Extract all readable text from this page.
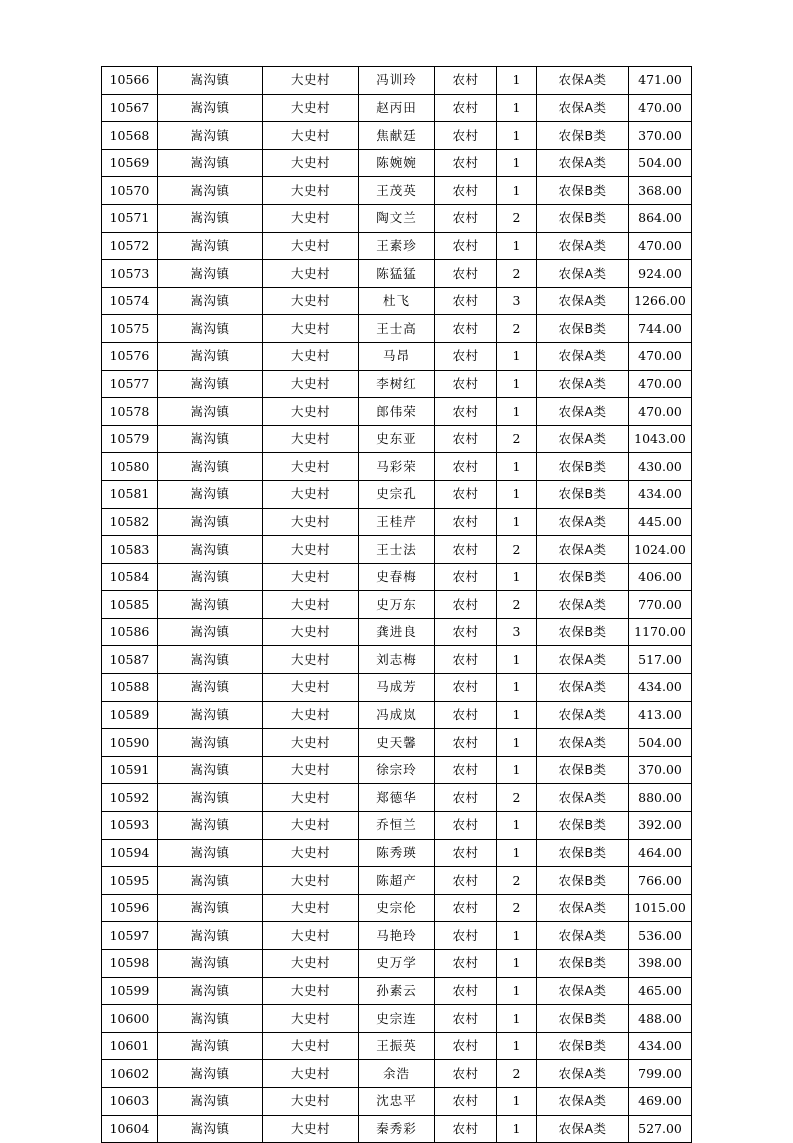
10566	嵩沟镇	大史村	冯训玲	农村	1	农保A类	471.00
10567	嵩沟镇	大史村	赵丙田	农村	1	农保A类	470.00
10568	嵩沟镇	大史村	焦献廷	农村	1	农保B类	370.00
10569	嵩沟镇	大史村	陈婉婉	农村	1	农保A类	504.00
10570	嵩沟镇	大史村	王茂英	农村	1	农保B类	368.00
10571	嵩沟镇	大史村	陶文兰	农村	2	农保B类	864.00
10572	嵩沟镇	大史村	王素珍	农村	1	农保A类	470.00
10573	嵩沟镇	大史村	陈猛猛	农村	2	农保A类	924.00
10574	嵩沟镇	大史村	杜飞	农村	3	农保A类	1266.00
10575	嵩沟镇	大史村	王士高	农村	2	农保B类	744.00
10576	嵩沟镇	大史村	马昂	农村	1	农保A类	470.00
10577	嵩沟镇	大史村	李树红	农村	1	农保A类	470.00
10578	嵩沟镇	大史村	郎伟荣	农村	1	农保A类	470.00
10579	嵩沟镇	大史村	史东亚	农村	2	农保A类	1043.00
10580	嵩沟镇	大史村	马彩荣	农村	1	农保B类	430.00
10581	嵩沟镇	大史村	史宗孔	农村	1	农保B类	434.00
10582	嵩沟镇	大史村	王桂芹	农村	1	农保A类	445.00
10583	嵩沟镇	大史村	王士法	农村	2	农保A类	1024.00
10584	嵩沟镇	大史村	史春梅	农村	1	农保B类	406.00
10585	嵩沟镇	大史村	史万东	农村	2	农保A类	770.00
10586	嵩沟镇	大史村	龚进良	农村	3	农保B类	1170.00
10587	嵩沟镇	大史村	刘志梅	农村	1	农保A类	517.00
10588	嵩沟镇	大史村	马成芳	农村	1	农保A类	434.00
10589	嵩沟镇	大史村	冯成岚	农村	1	农保A类	413.00
10590	嵩沟镇	大史村	史天馨	农村	1	农保A类	504.00
10591	嵩沟镇	大史村	徐宗玲	农村	1	农保B类	370.00
10592	嵩沟镇	大史村	郑德华	农村	2	农保A类	880.00
10593	嵩沟镇	大史村	乔恒兰	农村	1	农保B类	392.00
10594	嵩沟镇	大史村	陈秀瑛	农村	1	农保B类	464.00
10595	嵩沟镇	大史村	陈超产	农村	2	农保B类	766.00
10596	嵩沟镇	大史村	史宗伦	农村	2	农保A类	1015.00
10597	嵩沟镇	大史村	马艳玲	农村	1	农保A类	536.00
10598	嵩沟镇	大史村	史万学	农村	1	农保B类	398.00
10599	嵩沟镇	大史村	孙素云	农村	1	农保A类	465.00
10600	嵩沟镇	大史村	史宗连	农村	1	农保B类	488.00
10601	嵩沟镇	大史村	王振英	农村	1	农保B类	434.00
10602	嵩沟镇	大史村	余浩	农村	2	农保A类	799.00
10603	嵩沟镇	大史村	沈忠平	农村	1	农保A类	469.00
10604	嵩沟镇	大史村	秦秀彩	农村	1	农保A类	527.00
